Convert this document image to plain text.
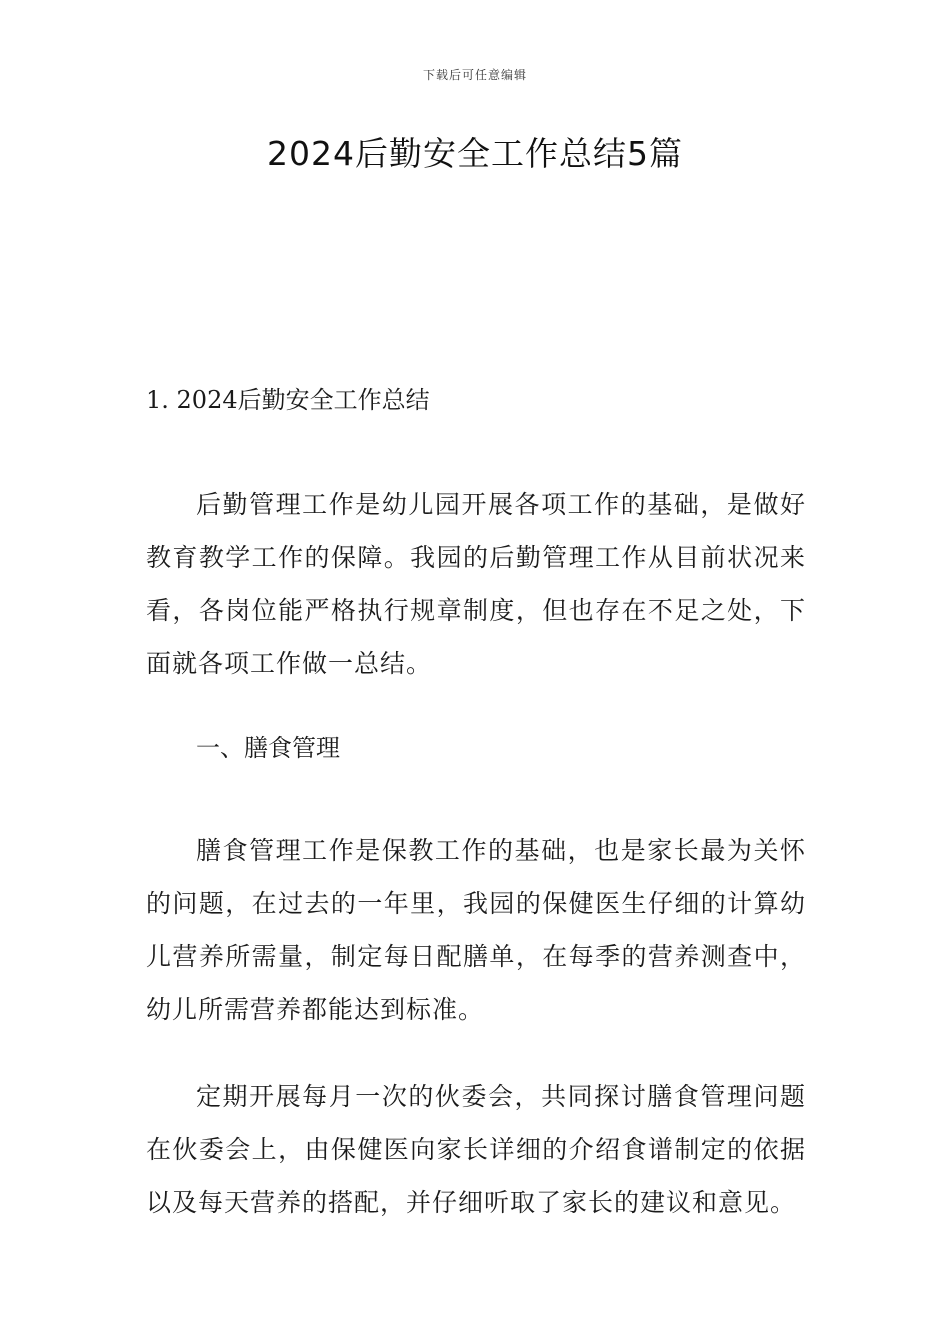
下载后可任意编辑
2024后勤安全工作总结5篇
1. 2024后勤安全工作总结

后勤管理工作是幼儿园开展各项工作的基础，是做好教育教学工作的保障。我园的后勤管理工作从目前状况来看，各岗位能严格执行规章制度，但也存在不足之处，下面就各项工作做一总结。

一、膳食管理

膳食管理工作是保教工作的基础，也是家长最为关怀的问题，在过去的一年里，我园的保健医生仔细的计算幼儿营养所需量，制定每日配膳单，在每季的营养测查中，幼儿所需营养都能达到标准。

定期开展每月一次的伙委会，共同探讨膳食管理问题在伙委会上，由保健医向家长详细的介绍食谱制定的依据以及每天营养的搭配，并仔细听取了家长的建议和意见。
